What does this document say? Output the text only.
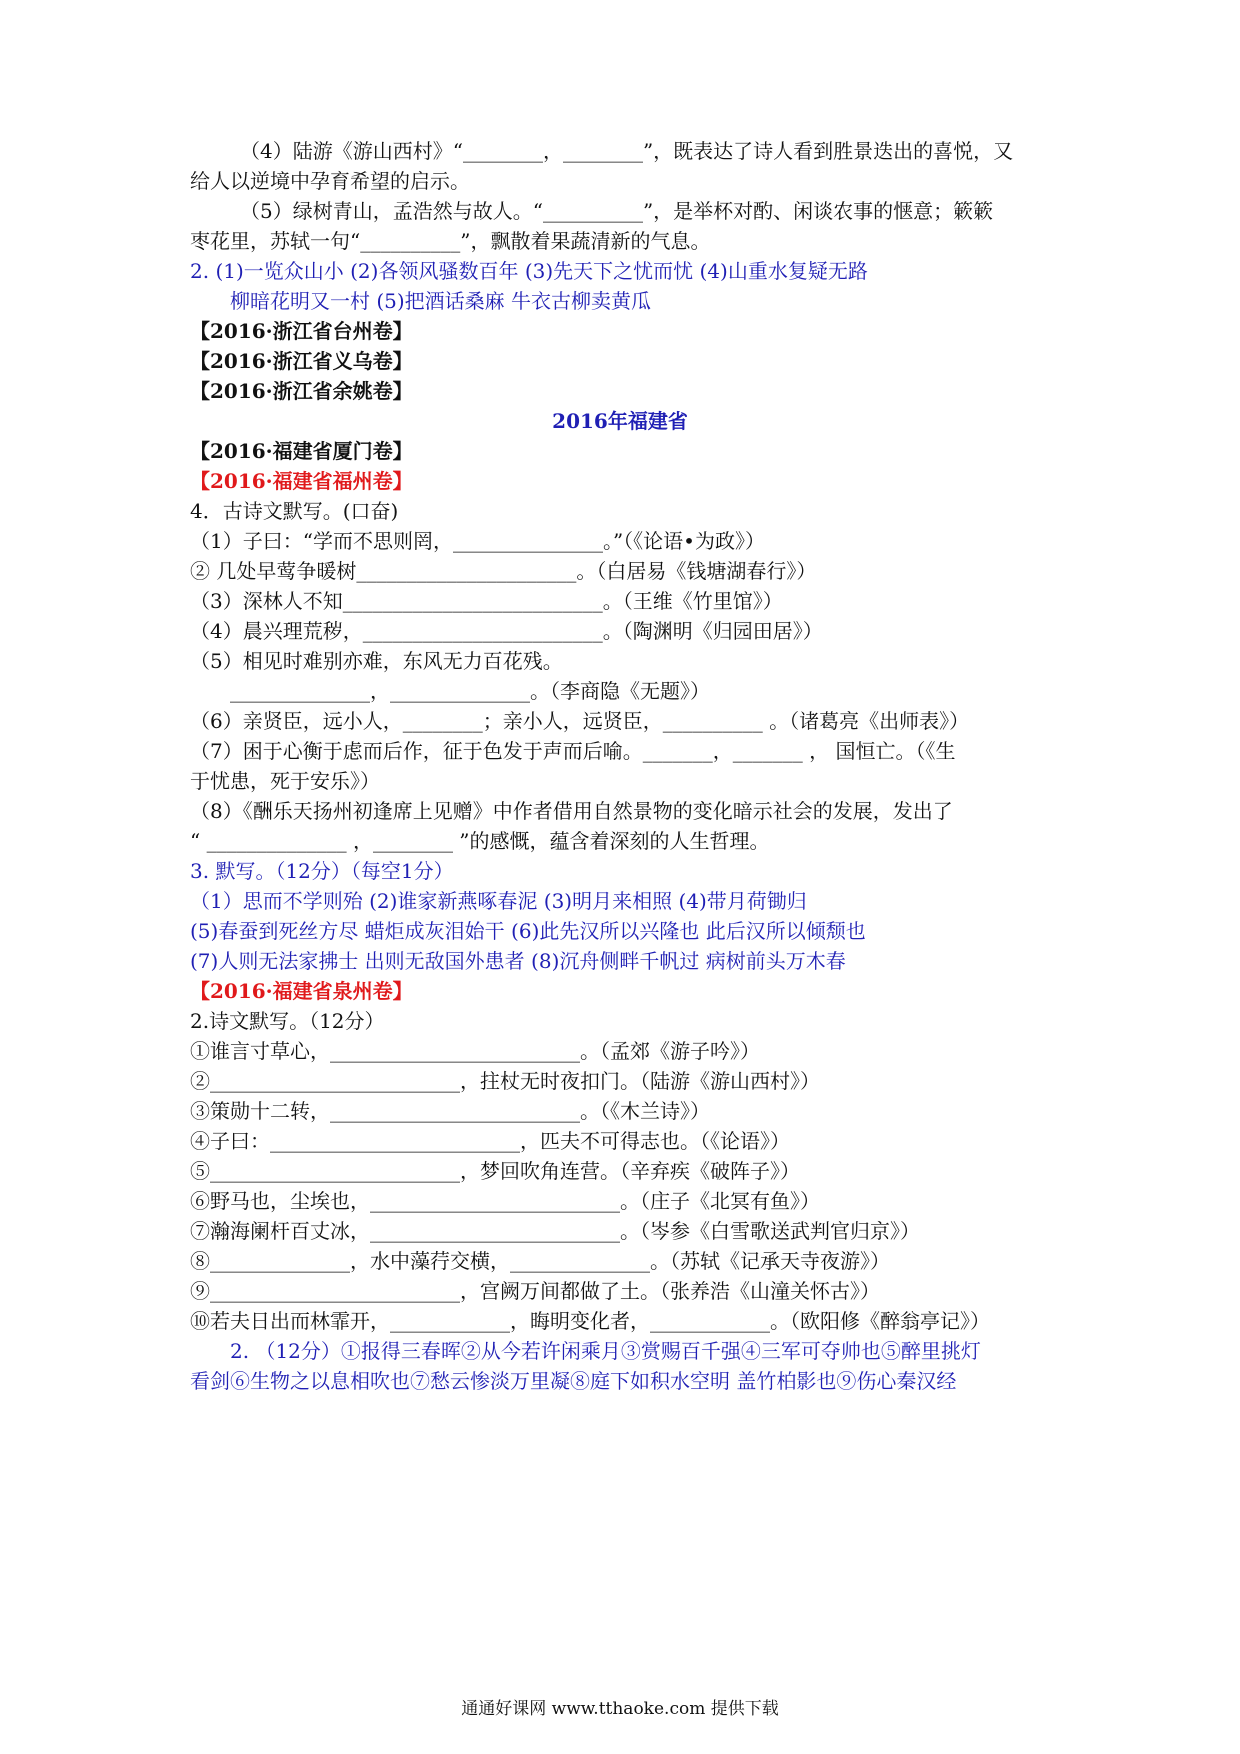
（4）陆游《游山西村》“________，________”，既表达了诗人看到胜景迭出的喜悦，又
给人以逆境中孕育希望的启示。
（5）绿树青山，孟浩然与故人。“__________”，是举杯对酌、闲谈农事的惬意；簌簌
枣花里，苏轼一句“__________”，飘散着果蔬清新的气息。
2. (1)一览众山小 (2)各领风骚数百年 (3)先天下之忧而忧 (4)山重水复疑无路
柳暗花明又一村 (5)把酒话桑麻 牛衣古柳卖黄瓜
【2016·浙江省台州卷】
【2016·浙江省义乌卷】
【2016·浙江省余姚卷】
2016年福建省
【2016·福建省厦门卷】
【2016·福建省福州卷】
4．古诗文默写。(口奋)
（1）子曰：“学而不思则罔，_______________。”（《论语•为政》）
② 几处早莺争暖树______________________。（白居易《钱塘湖春行》）
（3）深林人不知__________________________。（王维《竹里馆》）
（4）晨兴理荒秽，________________________。（陶渊明《归园田居》）
（5）相见时难别亦难，东风无力百花残。
______________，______________。（李商隐《无题》）
（6）亲贤臣，远小人，________；亲小人，远贤臣，__________ 。（诸葛亮《出师表》）
（7）困于心衡于虑而后作，征于色发于声而后喻。_______，_______ ， 国恒亡。（《生
于忧患，死于安乐》）
（8）《酬乐天扬州初逢席上见赠》中作者借用自然景物的变化暗示社会的发展，发出了
“ ______________ ，________ ”的感慨，蕴含着深刻的人生哲理。
3. 默写。（12分）（每空1分）
（1）思而不学则殆 (2)谁家新燕啄春泥 (3)明月来相照 (4)带月荷锄归
(5)春蚕到死丝方尽 蜡炬成灰泪始干 (6)此先汉所以兴隆也 此后汉所以倾颓也
(7)人则无法家拂士 出则无敌国外患者 (8)沉舟侧畔千帆过 病树前头万木春
【2016·福建省泉州卷】
2.诗文默写。（12分）
①谁言寸草心，_________________________。（孟郊《游子吟》）
②_________________________，拄杖无时夜扣门。（陆游《游山西村》）
③策勋十二转，_________________________。（《木兰诗》）
④子曰：_________________________，匹夫不可得志也。（《论语》）
⑤_________________________，梦回吹角连营。（辛弃疾《破阵子》）
⑥野马也，尘埃也，_________________________。（庄子《北冥有鱼》）
⑦瀚海阑杆百丈冰，_________________________。（岑参《白雪歌送武判官归京》）
⑧______________，水中藻荇交横，______________。（苏轼《记承天寺夜游》）
⑨_________________________，宫阙万间都做了土。（张养浩《山潼关怀古》）
⑩若夫日出而林霏开，____________，晦明变化者，____________。（欧阳修《醉翁亭记》）
2. （12分）①报得三春晖②从今若许闲乘月③赏赐百千强④三军可夺帅也⑤醉里挑灯
看剑⑥生物之以息相吹也⑦愁云惨淡万里凝⑧庭下如积水空明 盖竹柏影也⑨伤心秦汉经
通通好课网 www.tthaoke.com 提供下载
